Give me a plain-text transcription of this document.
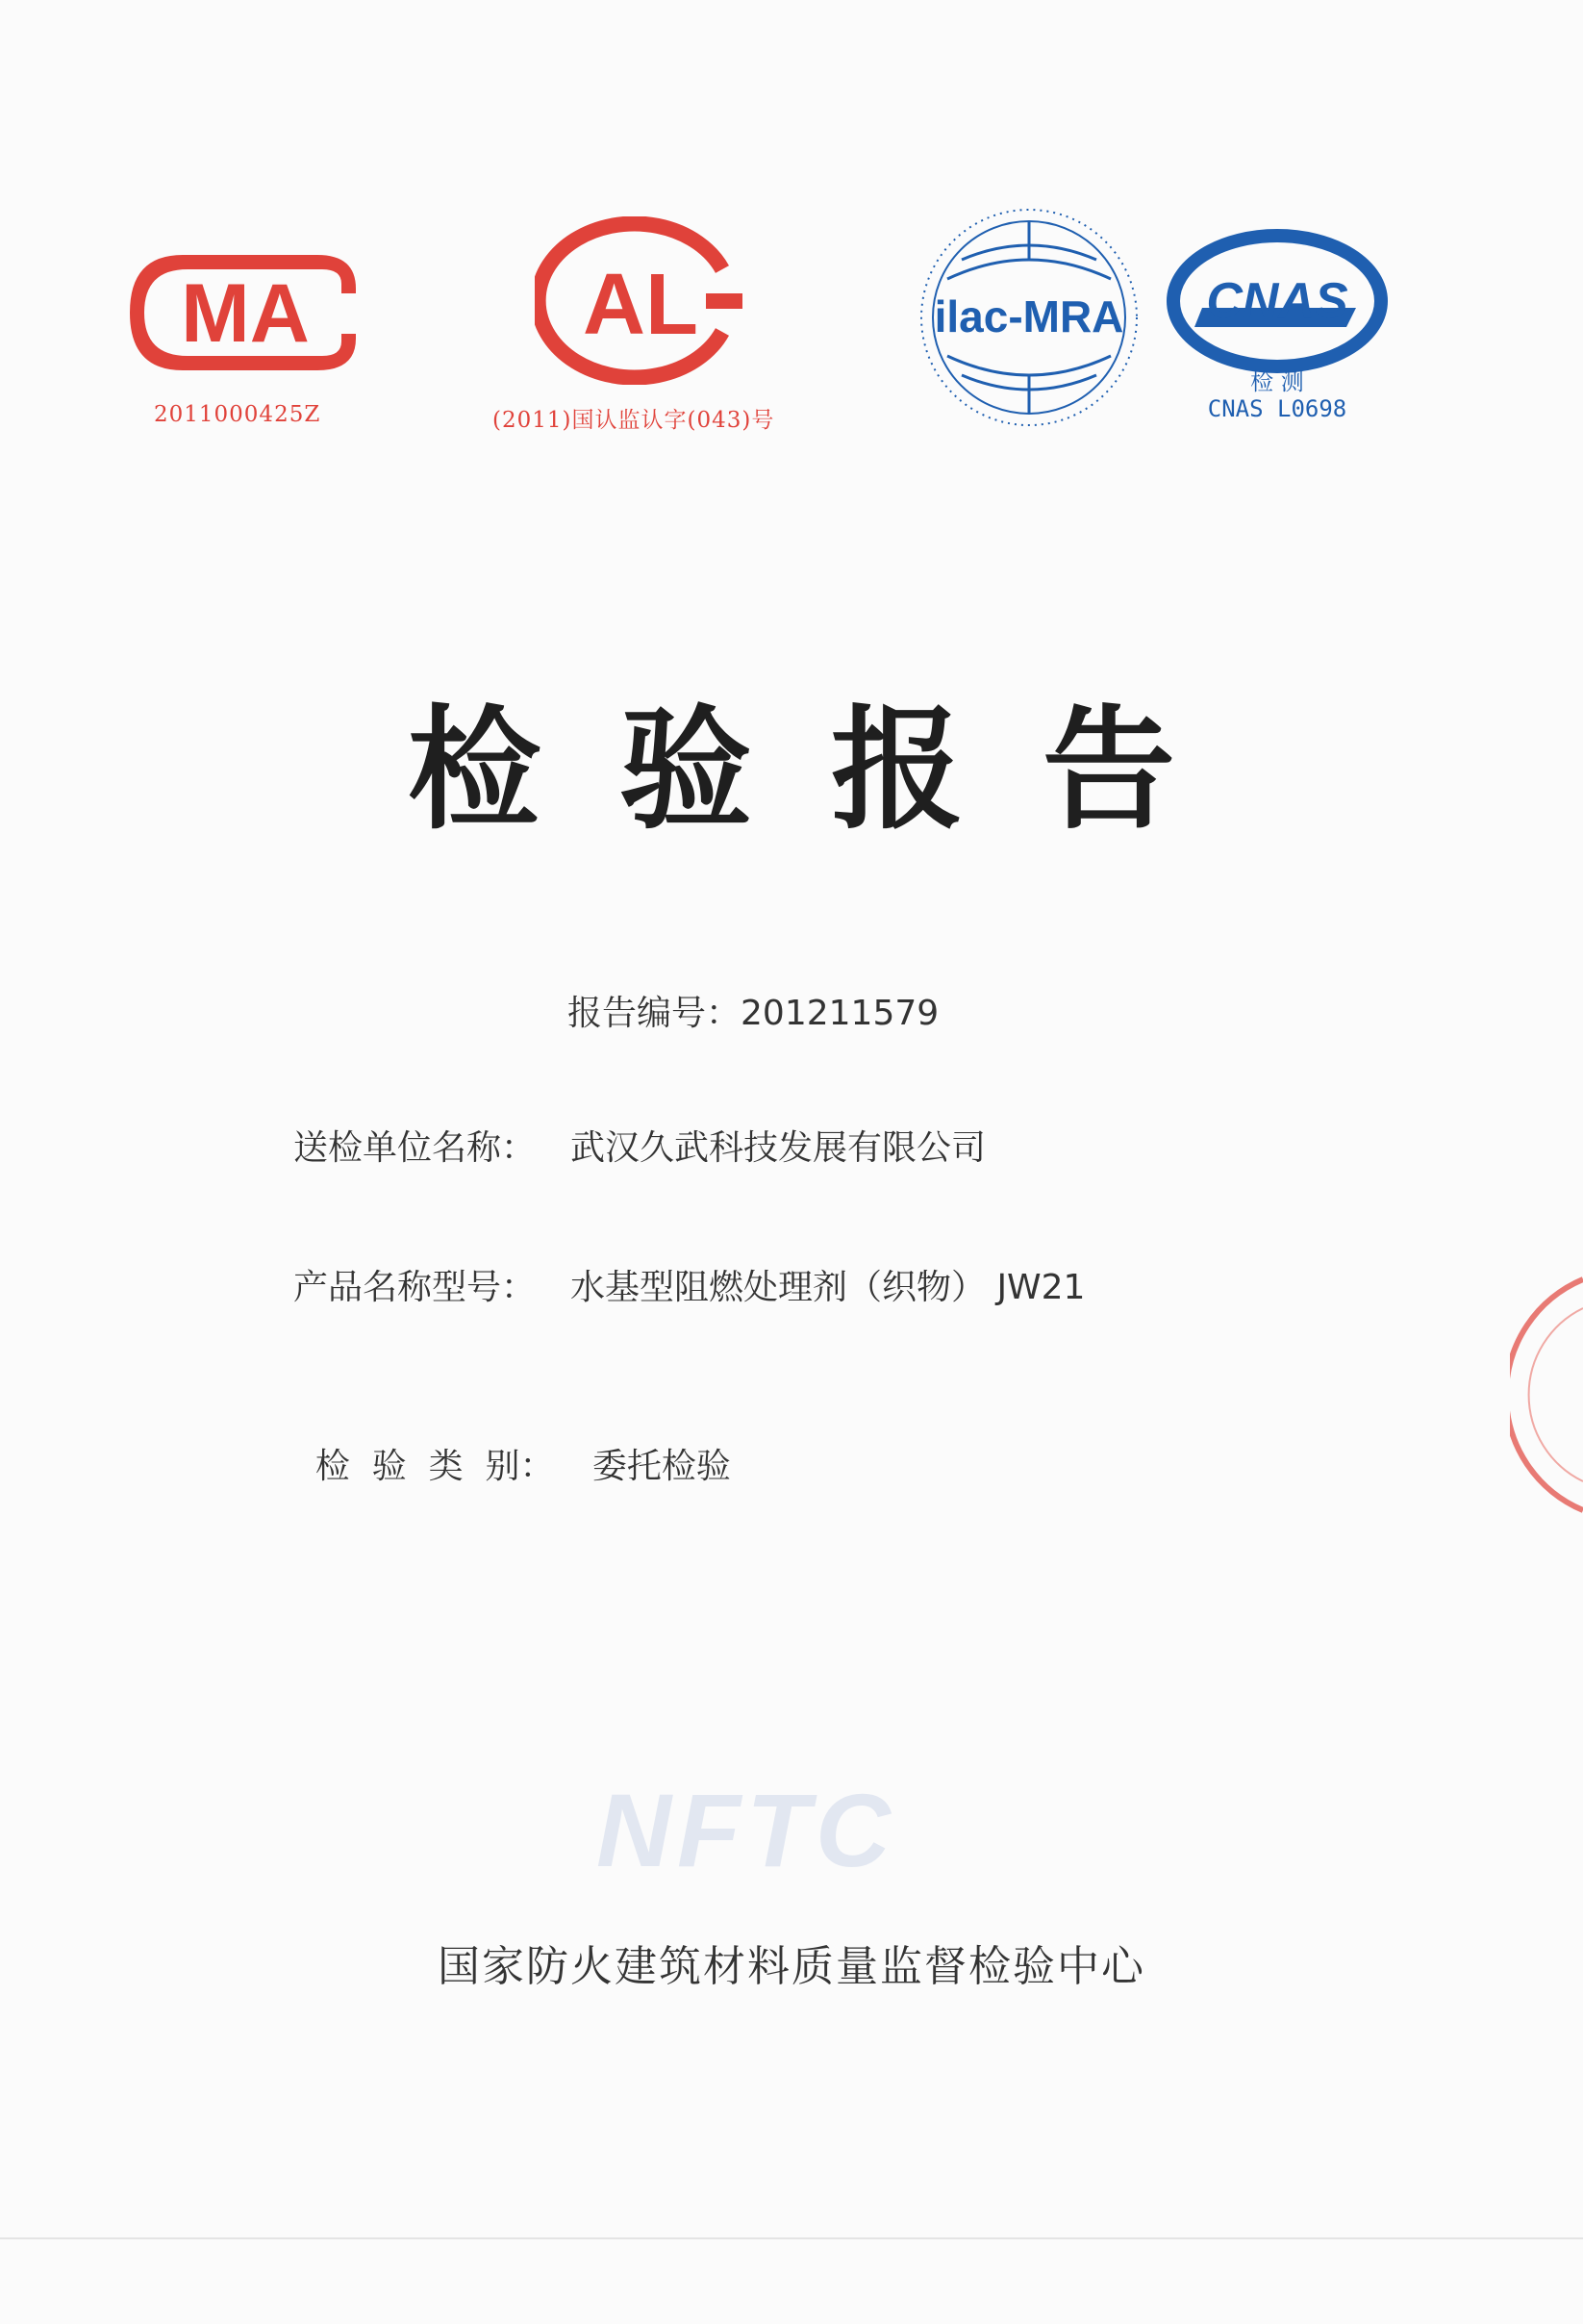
MA
2011000425Z
AL
(2011)国认监认字(043)号
ilac-MRA CNAS
检 测
CNAS L0698
检验报告
报告编号：201211579
送检单位名称： 武汉久武科技发展有限公司
产品名称型号： 水基型阻燃处理剂（织物） JW21

检  验  类  别： 委托检验

NFTC
国家防火建筑材料质量监督检验中心
